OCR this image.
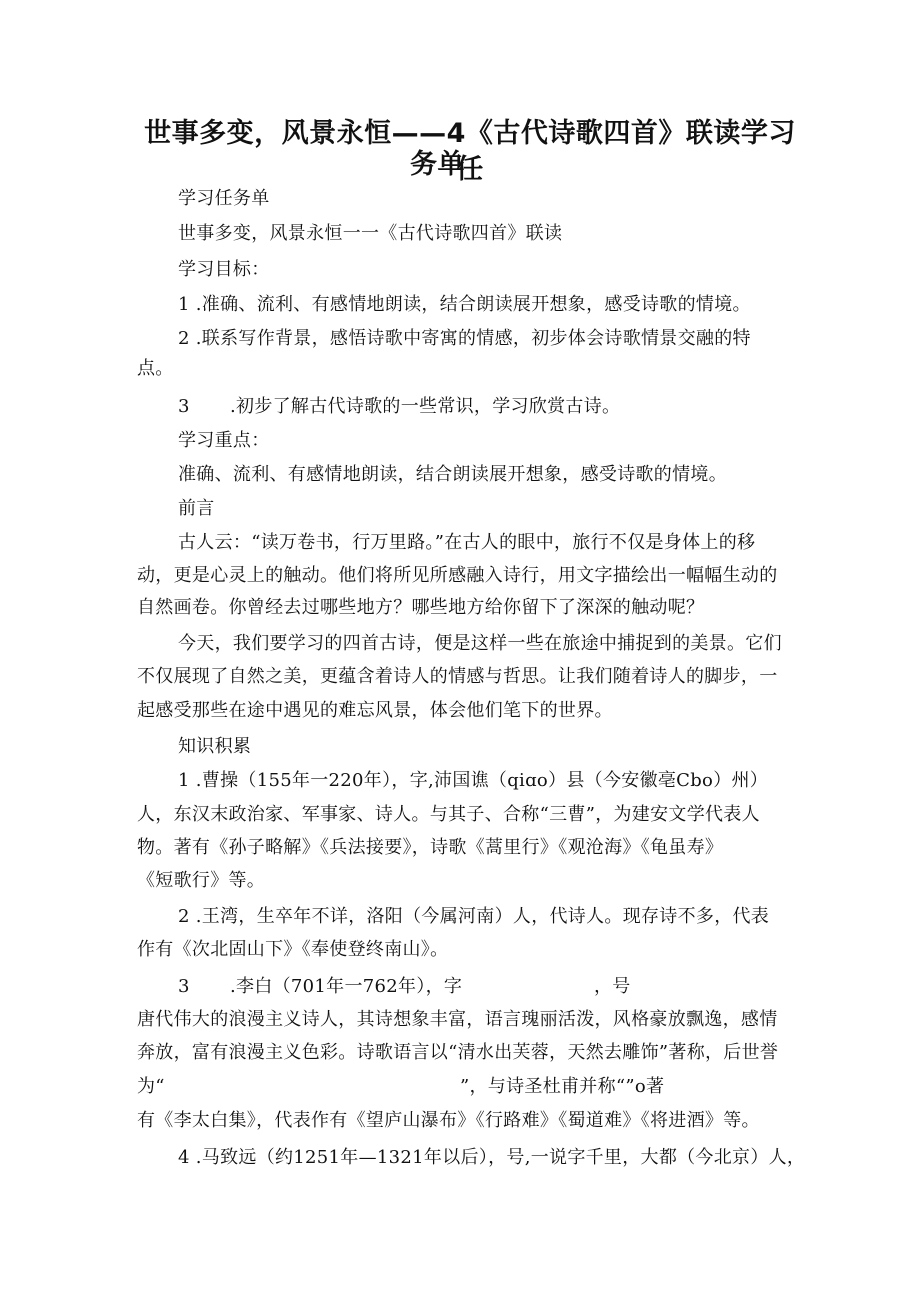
世事多变，风景永恒——4《古代诗歌四首》联读学习任
务单
学习任务单
世事多变，风景永恒一一《古代诗歌四首》联读
学习目标：
1 .准确、流利、有感情地朗读，结合朗读展开想象，感受诗歌的情境。
2 .联系写作背景，感悟诗歌中寄寓的情感，初步体会诗歌情景交融的特
点。
3 .初步了解古代诗歌的一些常识，学习欣赏古诗。
学习重点：
准确、流利、有感情地朗读，结合朗读展开想象，感受诗歌的情境。
前言
古人云：“读万卷书，行万里路。”在古人的眼中，旅行不仅是身体上的移
动，更是心灵上的触动。他们将所见所感融入诗行，用文字描绘出一幅幅生动的
自然画卷。你曾经去过哪些地方？哪些地方给你留下了深深的触动呢？
今天，我们要学习的四首古诗，便是这样一些在旅途中捕捉到的美景。它们
不仅展现了自然之美，更蕴含着诗人的情感与哲思。让我们随着诗人的脚步，一
起感受那些在途中遇见的难忘风景，体会他们笔下的世界。
知识积累
1 .曹操（155年一220年），字,沛国谯（qiɑo）县（今安徽亳Cbo）州）
人，东汉末政治家、军事家、诗人。与其子、合称“三曹”，为建安文学代表人
物。著有《孙子略解》《兵法接要》，诗歌《蒿里行》《观沧海》《龟虽寿》
《短歌行》等。
2 .王湾，生卒年不详，洛阳（今属河南）人，代诗人。现存诗不多，代表
作有《次北固山下》《奉使登终南山》。
3 .李白（701年一762年），字	，号
唐代伟大的浪漫主义诗人，其诗想象丰富，语言瑰丽活泼，风格豪放飘逸，感情
奔放，富有浪漫主义色彩。诗歌语言以“清水出芙蓉，天然去雕饰”著称，后世誉
为“	”，与诗圣杜甫并称“”o著
有《李太白集》，代表作有《望庐山瀑布》《行路难》《蜀道难》《将进酒》等。
4 .马致远（约1251年—1321年以后），号,一说字千里，大都（今北京）人，
